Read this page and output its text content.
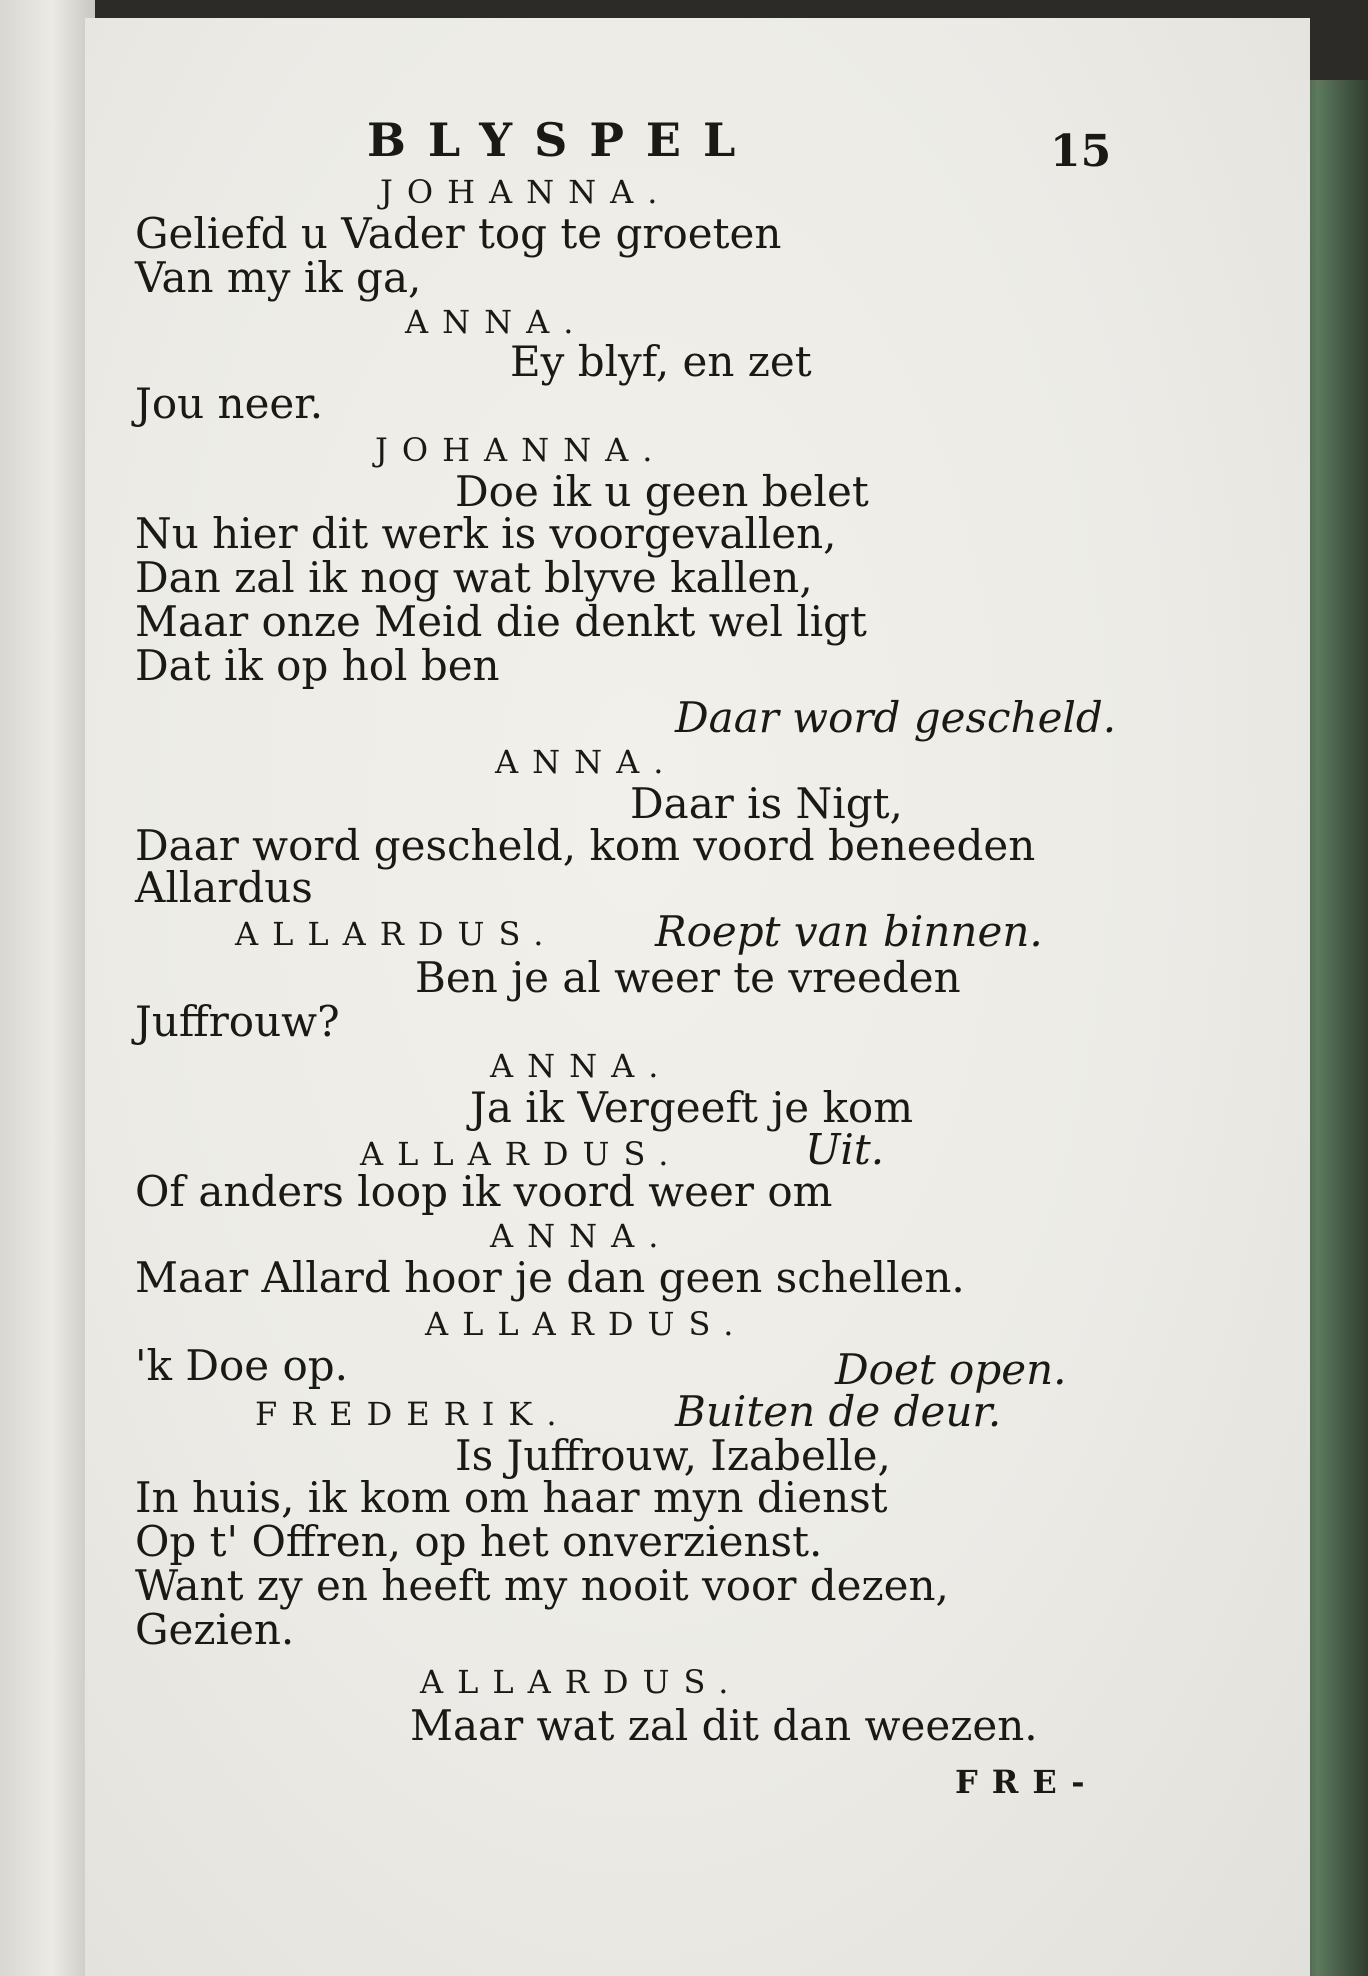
BLYSPEL	15
JOHANNA.
Geliefd u Vader tog te groeten
Van my ik ga,
ANNA.
Ey blyf, en zet
Jou neer.
JOHANNA.
Doe ik u geen belet
Nu hier dit werk is voorgevallen,
Dan zal ik nog wat blyve kallen,
Maar onze Meid die denkt wel ligt
Dat ik op hol ben
Daar word gescheld.
ANNA.
Daar is Nigt,
Daar word gescheld, kom voord beneeden
Allardus
ALLARDUS. Roept van binnen.
Ben je al weer te vreeden
Juffrouw?
ANNA.
Ja ik Vergeeft je kom
ALLARDUS.	Uit.
Of anders loop ik voord weer om
ANNA.
Maar Allard hoor je dan geen schellen.
ALLARDUS.
'k Doe op.	Doet open.
FREDERIK. Buiten de deur.
Is Juffrouw, Izabelle,
In huis, ik kom om haar myn dienst
Op t' Offren, op het onverzienst.
Want zy en heeft my nooit voor dezen,
Gezien.
ALLARDUS.
Maar wat zal dit dan weezen.
FRE-
